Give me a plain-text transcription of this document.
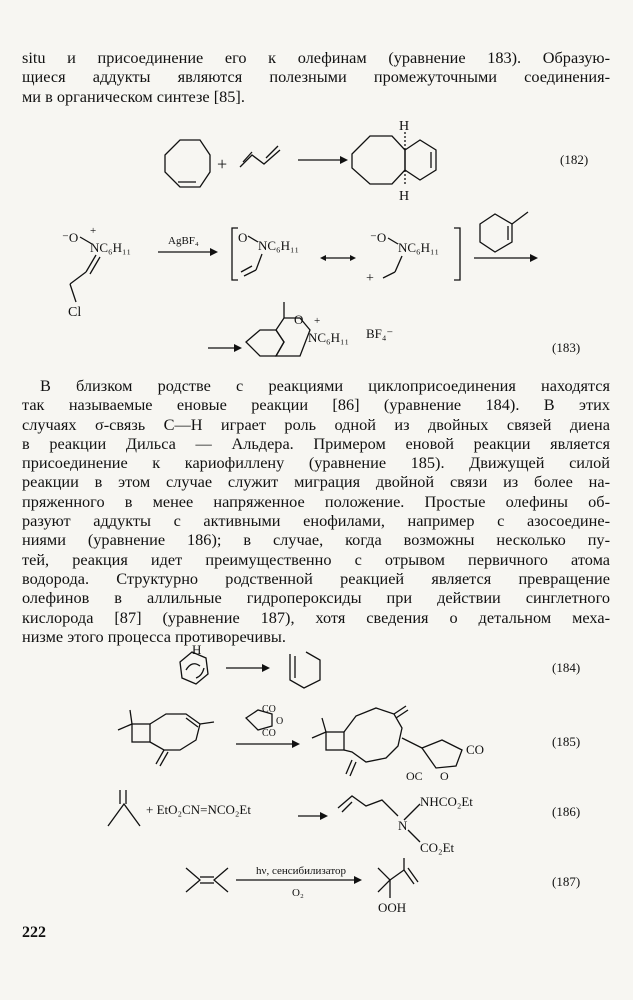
situ и присоединение его к олефинам (уравнение 183). Образую-
щиеся аддукты являются полезными промежуточными соединения-
ми в органическом синтезе [85].
+
H
H
(182)
⁻O +
NC₆H₁₁
Cl
AgBF₄	O
NC₆H₁₁
⁻O
NC₆H₁₁
+
O +
NC₆H₁₁ BF₄⁻
(183)
В близком родстве с реакциями циклоприсоединения находятся
так называемые еновые реакции [86] (уравнение 184). В этих
случаях σ-связь С—Н играет роль одной из двойных связей диена
в реакции Дильса — Альдера. Примером еновой реакции является
присоединение к кариофиллену (уравнение 185). Движущей силой
реакции в этом случае служит миграция двойной связи из более на-
пряженного в менее напряженное положение. Простые олефины об-
разуют аддукты с активными енофилами, например с азосоедине-
ниями (уравнение 186); в случае, когда возможны несколько пу-
тей, реакция идет преимущественно с отрывом первичного атома
водорода. Структурно родственной реакцией является превращение
олефинов в аллильные гидропероксиды при действии синглетного
кислорода [87] (уравнение 187), хотя сведения о детальном меха-
низме этого процесса противоречивы.
H
(184)
CO
O
CO
CO
OC O
(185)
+ EtO₂CN=NCO₂Et
NHCO₂Et
N
CO₂Et
(186)
hν, сенсибилизатор
O₂
OOH
(187)
222
